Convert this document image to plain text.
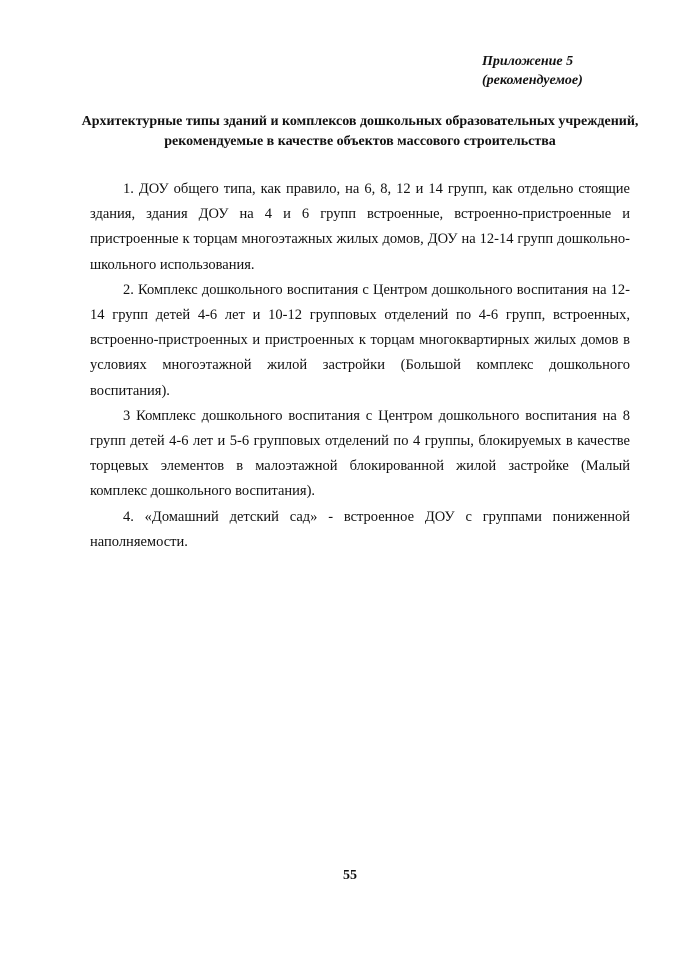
Приложение 5
(рекомендуемое)
Архитектурные типы зданий и комплексов дошкольных образовательных учреждений,
рекомендуемые в качестве объектов массового строительства

1. ДОУ общего типа, как правило, на 6, 8, 12 и 14 групп, как отдельно стоящие здания, здания ДОУ на 4 и 6 групп встроенные, встроенно-пристроенные и пристроенные к торцам многоэтажных жилых домов, ДОУ на 12-14 групп дошкольно-школьного использования.

2. Комплекс дошкольного воспитания с Центром дошкольного воспитания на 12-14 групп детей 4-6 лет и 10-12 групповых отделений по 4-6 групп, встроенных, встроенно-пристроенных и пристроенных к торцам многоквартирных жилых домов в условиях многоэтажной жилой застройки (Большой комплекс дошкольного воспитания).

3 Комплекс дошкольного воспитания с Центром дошкольного воспитания на 8 групп детей 4-6 лет и 5-6 групповых отделений по 4 группы, блокируемых в качестве торцевых элементов в малоэтажной блокированной жилой застройке (Малый комплекс дошкольного воспитания).

4. «Домашний детский сад» - встроенное ДОУ с группами пониженной наполняемости.

55
